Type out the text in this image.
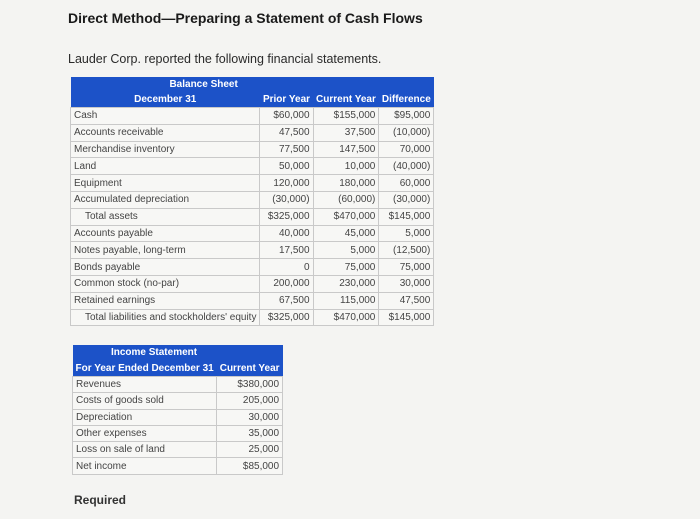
Direct Method—Preparing a Statement of Cash Flows
Lauder Corp. reported the following financial statements.
Balance Sheet			
December 31	Prior Year	Current Year	Difference
Cash	$60,000	$155,000	$95,000
Accounts receivable	47,500	37,500	(10,000)
Merchandise inventory	77,500	147,500	70,000
Land	50,000	10,000	(40,000)
Equipment	120,000	180,000	60,000
Accumulated depreciation	(30,000)	(60,000)	(30,000)
Total assets	$325,000	$470,000	$145,000
Accounts payable	40,000	45,000	5,000
Notes payable, long-term	17,500	5,000	(12,500)
Bonds payable	0	75,000	75,000
Common stock (no-par)	200,000	230,000	30,000
Retained earnings	67,500	115,000	47,500
Total liabilities and stockholders' equity	$325,000	$470,000	$145,000
Income Statement	
For Year Ended December 31	Current Year
Revenues	$380,000
Costs of goods sold	205,000
Depreciation	30,000
Other expenses	35,000
Loss on sale of land	25,000
Net income	$85,000
Required
